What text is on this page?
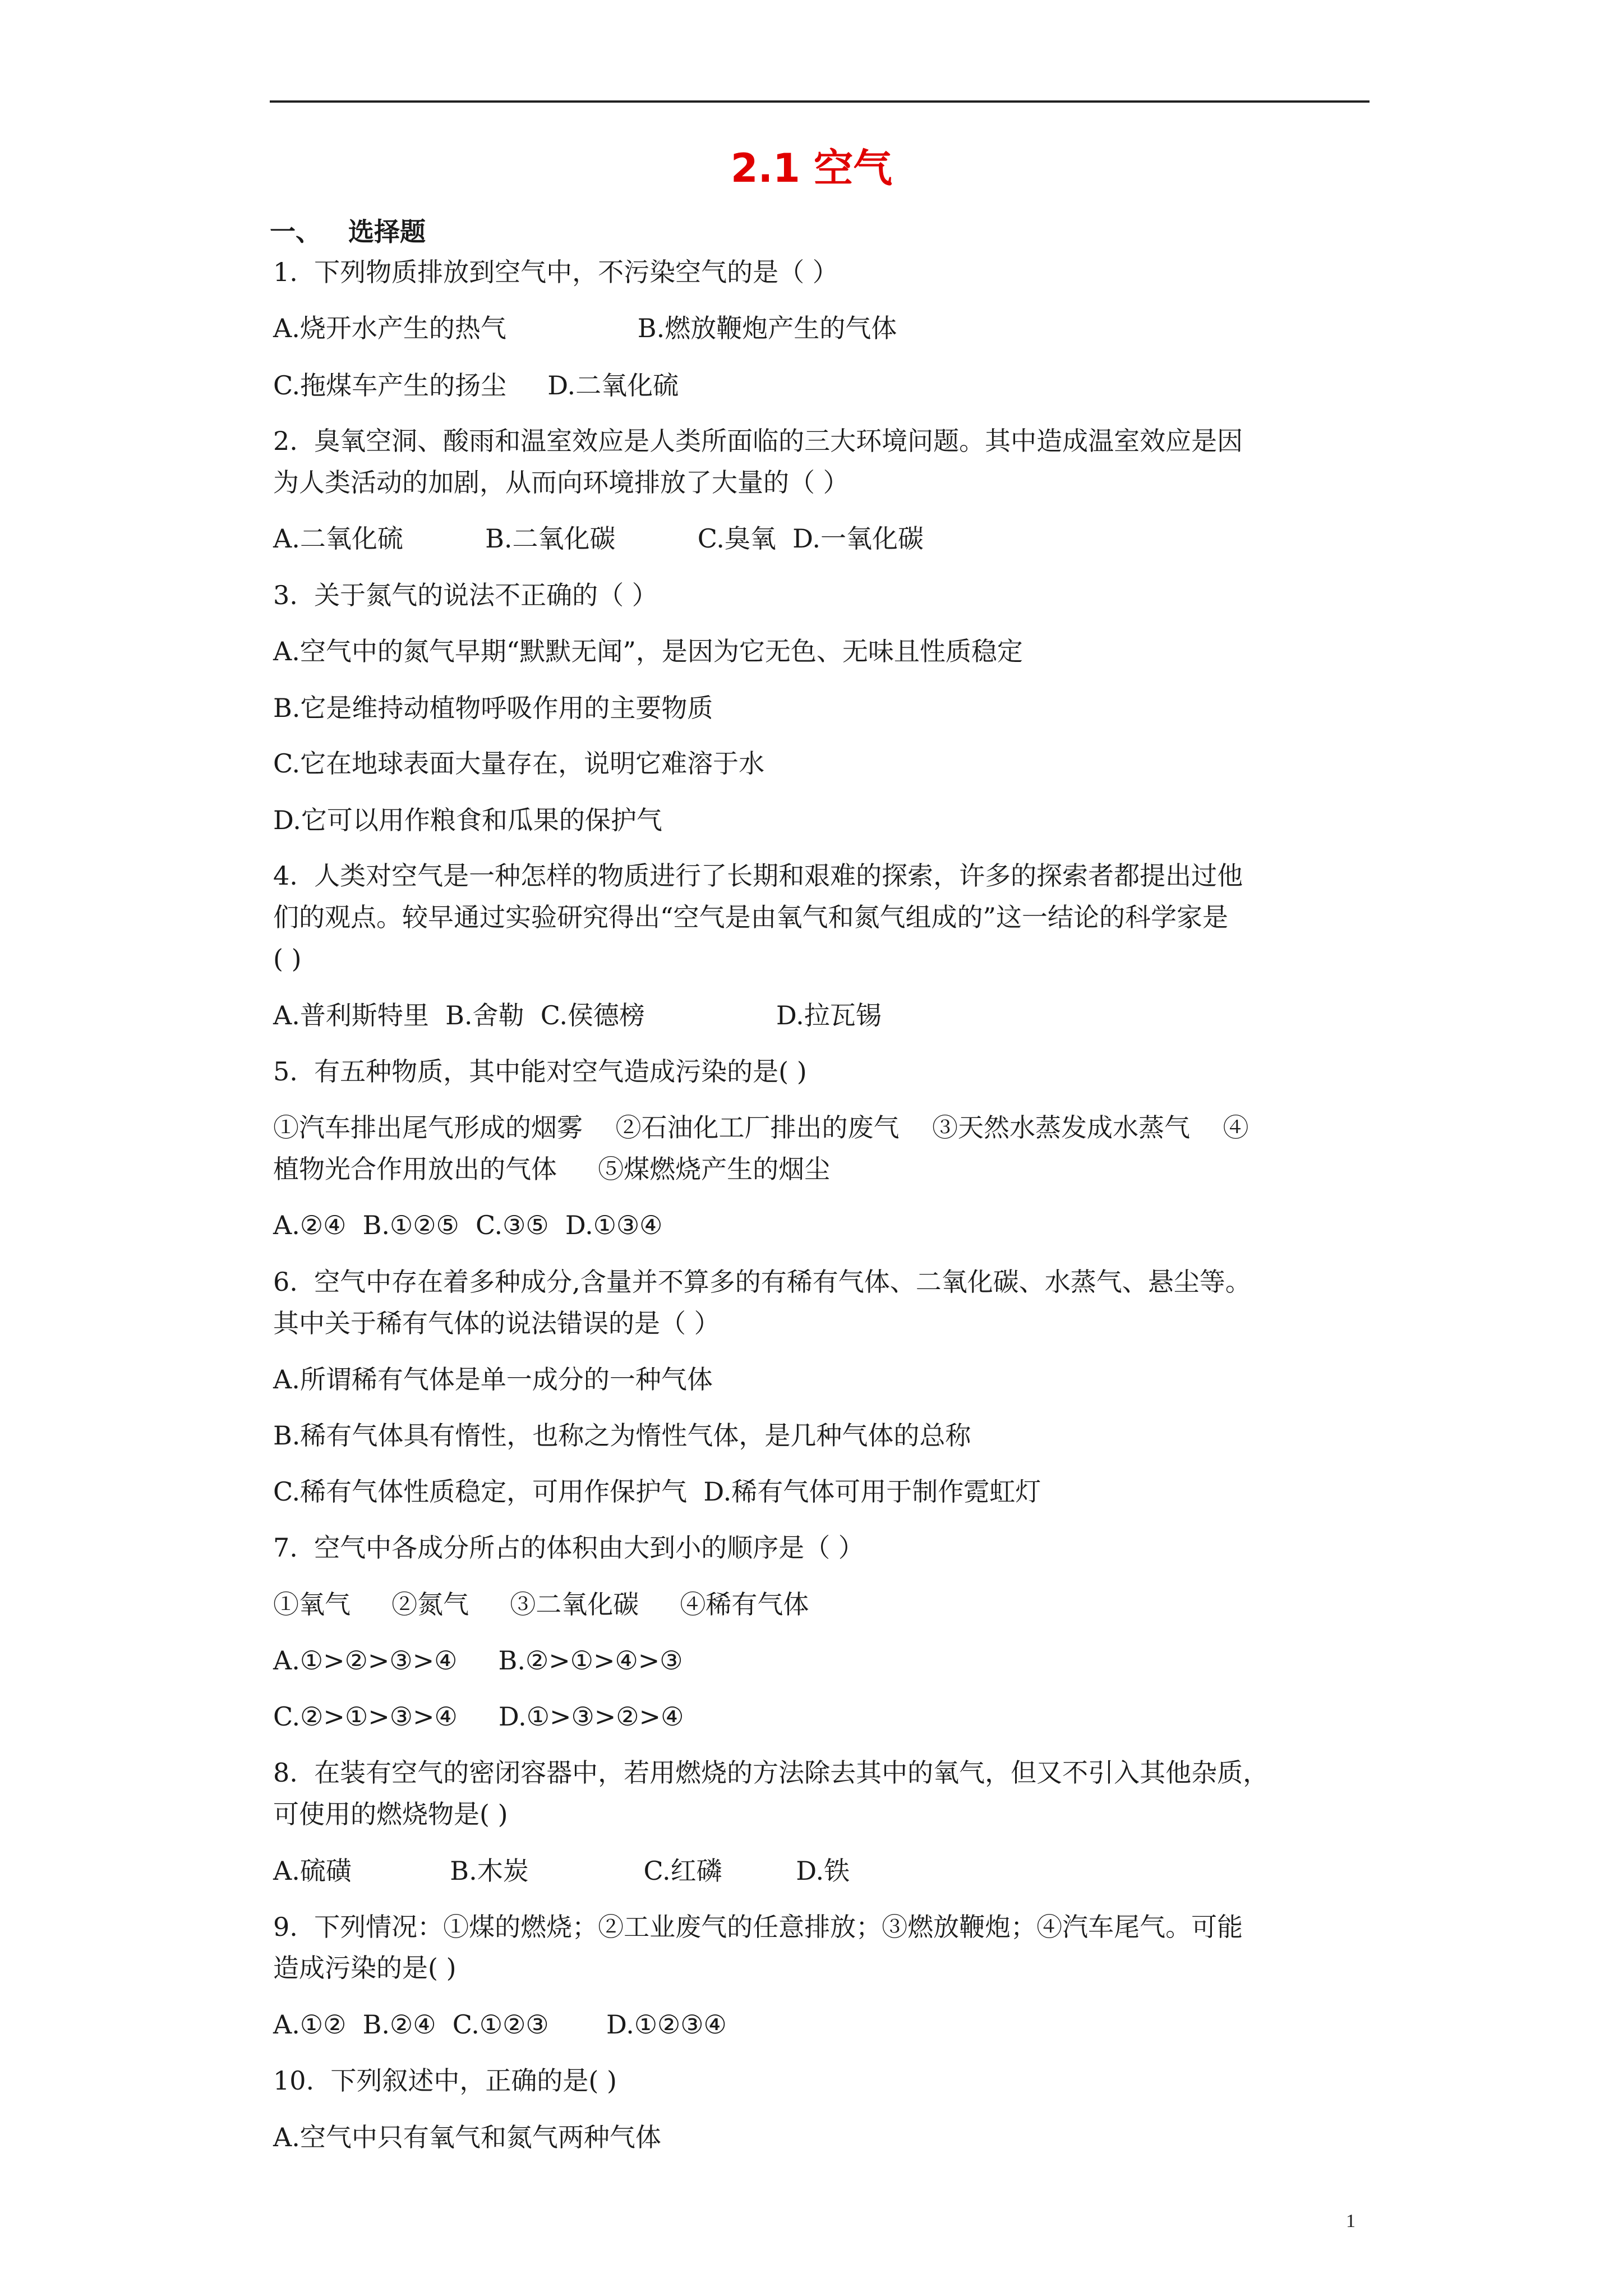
2.1 空气
一、 选择题
1.  下列物质排放到空气中，不污染空气的是（ ）
A.烧开水产生的热气                B.燃放鞭炮产生的气体
C.拖煤车产生的扬尘     D.二氧化硫
2.  臭氧空洞、酸雨和温室效应是人类所面临的三大环境问题。其中造成温室效应是因
为人类活动的加剧，从而向环境排放了大量的（ ）
A.二氧化硫          B.二氧化碳          C.臭氧  D.一氧化碳
3.  关于氮气的说法不正确的（ ）
A.空气中的氮气早期“默默无闻”，是因为它无色、无味且性质稳定
B.它是维持动植物呼吸作用的主要物质
C.它在地球表面大量存在，说明它难溶于水
D.它可以用作粮食和瓜果的保护气
4.  人类对空气是一种怎样的物质进行了长期和艰难的探索，许多的探索者都提出过他
们的观点。较早通过实验研究得出“空气是由氧气和氮气组成的”这一结论的科学家是
( )
A.普利斯特里  B.舍勒  C.侯德榜                D.拉瓦锡
5.  有五种物质，其中能对空气造成污染的是( )
①汽车排出尾气形成的烟雾    ②石油化工厂排出的废气    ③天然水蒸发成水蒸气    ④
植物光合作用放出的气体     ⑤煤燃烧产生的烟尘
A.②④  B.①②⑤  C.③⑤  D.①③④
6.  空气中存在着多种成分,含量并不算多的有稀有气体、二氧化碳、水蒸气、悬尘等。
其中关于稀有气体的说法错误的是（ ）
A.所谓稀有气体是单一成分的一种气体
B.稀有气体具有惰性，也称之为惰性气体，是几种气体的总称
C.稀有气体性质稳定，可用作保护气  D.稀有气体可用于制作霓虹灯
7.  空气中各成分所占的体积由大到小的顺序是（ ）
①氧气     ②氮气     ③二氧化碳     ④稀有气体
A.①>②>③>④     B.②>①>④>③
C.②>①>③>④     D.①>③>②>④
8.  在装有空气的密闭容器中，若用燃烧的方法除去其中的氧气，但又不引入其他杂质，
可使用的燃烧物是( )
A.硫磺            B.木炭              C.红磷         D.铁
9.  下列情况：①煤的燃烧；②工业废气的任意排放；③燃放鞭炮；④汽车尾气。可能
造成污染的是( )
A.①②  B.②④  C.①②③       D.①②③④
10.  下列叙述中，正确的是( )
A.空气中只有氧气和氮气两种气体
1
